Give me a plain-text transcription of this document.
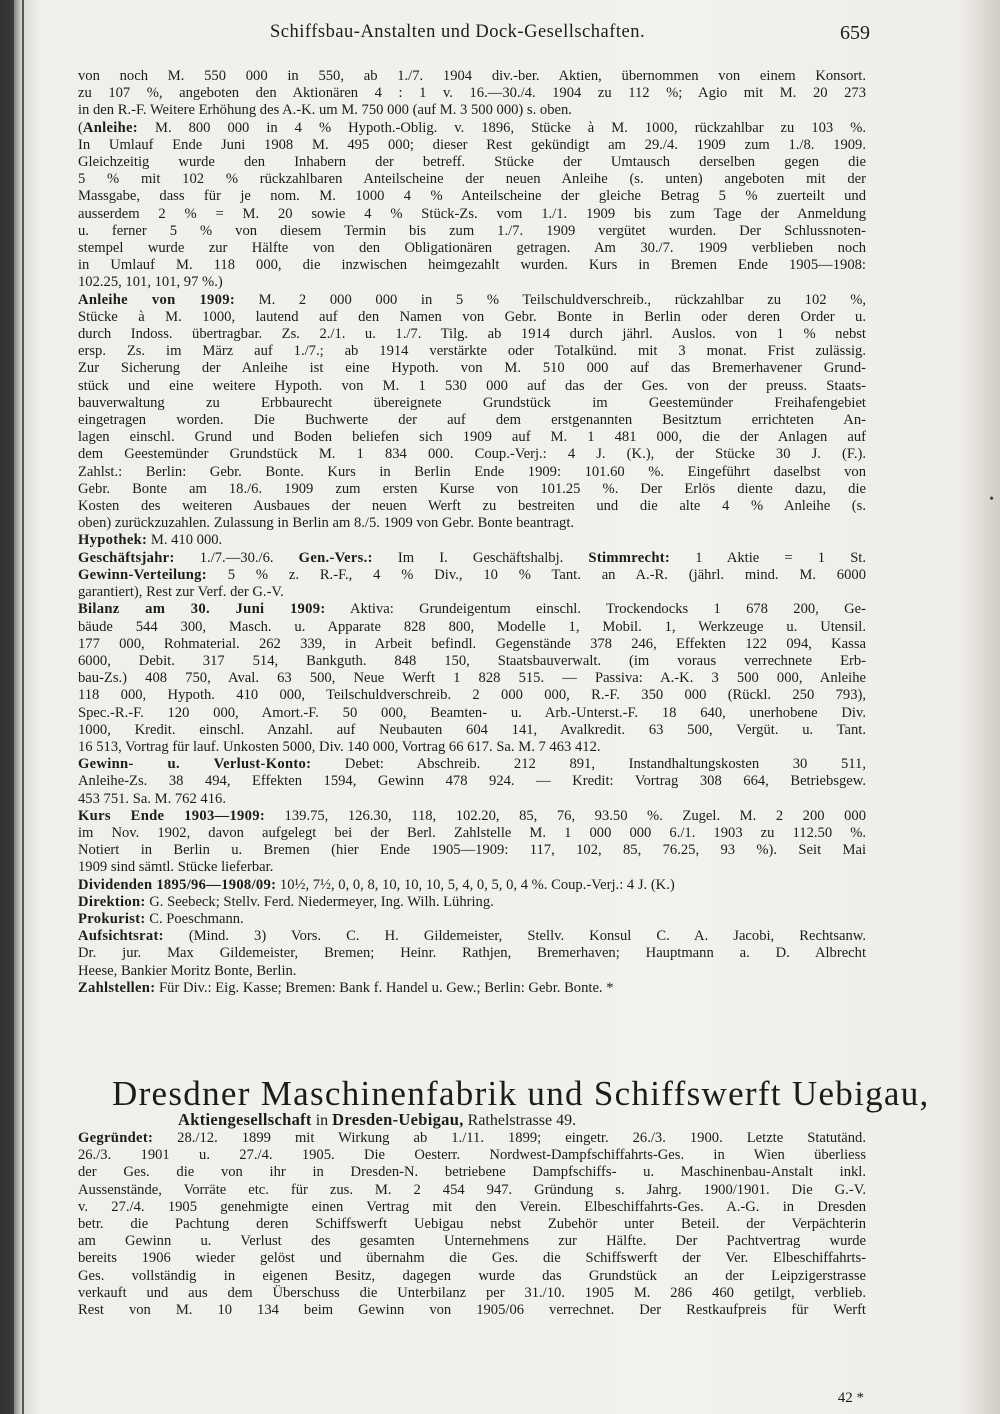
Schiffsbau-Anstalten und Dock-Gesellschaften.	659
von noch M. 550 000 in 550, ab 1./7. 1904 div.-ber. Aktien, übernommen von einem Konsort.
zu 107 %, angeboten den Aktionären 4 : 1 v. 16.—30./4. 1904 zu 112 %; Agio mit M. 20 273
in den R.-F. Weitere Erhöhung des A.-K. um M. 750 000 (auf M. 3 500 000) s. oben.
(Anleihe: M. 800 000 in 4 % Hypoth.-Oblig. v. 1896, Stücke à M. 1000, rückzahlbar zu 103 %.
In Umlauf Ende Juni 1908 M. 495 000; dieser Rest gekündigt am 29./4. 1909 zum 1./8. 1909.
Gleichzeitig wurde den Inhabern der betreff. Stücke der Umtausch derselben gegen die
5 % mit 102 % rückzahlbaren Anteilscheine der neuen Anleihe (s. unten) angeboten mit der
Massgabe, dass für je nom. M. 1000 4 % Anteilscheine der gleiche Betrag 5 % zuerteilt und
ausserdem 2 % = M. 20 sowie 4 % Stück-Zs. vom 1./1. 1909 bis zum Tage der Anmeldung
u. ferner 5 % von diesem Termin bis zum 1./7. 1909 vergütet wurden. Der Schlussnoten-
stempel wurde zur Hälfte von den Obligationären getragen. Am 30./7. 1909 verblieben noch
in Umlauf M. 118 000, die inzwischen heimgezahlt wurden. Kurs in Bremen Ende 1905—1908:
102.25, 101, 101, 97 %.)
Anleihe von 1909: M. 2 000 000 in 5 % Teilschuldverschreib., rückzahlbar zu 102 %,
Stücke à M. 1000, lautend auf den Namen von Gebr. Bonte in Berlin oder deren Order u.
durch Indoss. übertragbar. Zs. 2./1. u. 1./7. Tilg. ab 1914 durch jährl. Auslos. von 1 % nebst
ersp. Zs. im März auf 1./7.; ab 1914 verstärkte oder Totalkünd. mit 3 monat. Frist zulässig.
Zur Sicherung der Anleihe ist eine Hypoth. von M. 510 000 auf das Bremerhavener Grund-
stück und eine weitere Hypoth. von M. 1 530 000 auf das der Ges. von der preuss. Staats-
bauverwaltung zu Erbbaurecht übereignete Grundstück im Geestemünder Freihafengebiet
eingetragen worden. Die Buchwerte der auf dem erstgenannten Besitztum errichteten An-
lagen einschl. Grund und Boden beliefen sich 1909 auf M. 1 481 000, die der Anlagen auf
dem Geestemünder Grundstück M. 1 834 000. Coup.-Verj.: 4 J. (K.), der Stücke 30 J. (F.).
Zahlst.: Berlin: Gebr. Bonte. Kurs in Berlin Ende 1909: 101.60 %. Eingeführt daselbst von
Gebr. Bonte am 18./6. 1909 zum ersten Kurse von 101.25 %. Der Erlös diente dazu, die
Kosten des weiteren Ausbaues der neuen Werft zu bestreiten und die alte 4 % Anleihe (s.
oben) zurückzuzahlen. Zulassung in Berlin am 8./5. 1909 von Gebr. Bonte beantragt.
Hypothek: M. 410 000.
Geschäftsjahr: 1./7.—30./6. Gen.-Vers.: Im I. Geschäftshalbj. Stimmrecht: 1 Aktie = 1 St.
Gewinn-Verteilung: 5 % z. R.-F., 4 % Div., 10 % Tant. an A.-R. (jährl. mind. M. 6000
garantiert), Rest zur Verf. der G.-V.
Bilanz am 30. Juni 1909: Aktiva: Grundeigentum einschl. Trockendocks 1 678 200, Ge-
bäude 544 300, Masch. u. Apparate 828 800, Modelle 1, Mobil. 1, Werkzeuge u. Utensil.
177 000, Rohmaterial. 262 339, in Arbeit befindl. Gegenstände 378 246, Effekten 122 094, Kassa
6000, Debit. 317 514, Bankguth. 848 150, Staatsbauverwalt. (im voraus verrechnete Erb-
bau-Zs.) 408 750, Aval. 63 500, Neue Werft 1 828 515. — Passiva: A.-K. 3 500 000, Anleihe
118 000, Hypoth. 410 000, Teilschuldverschreib. 2 000 000, R.-F. 350 000 (Rückl. 250 793),
Spec.-R.-F. 120 000, Amort.-F. 50 000, Beamten- u. Arb.-Unterst.-F. 18 640, unerhobene Div.
1000, Kredit. einschl. Anzahl. auf Neubauten 604 141, Avalkredit. 63 500, Vergüt. u. Tant.
16 513, Vortrag für lauf. Unkosten 5000, Div. 140 000, Vortrag 66 617. Sa. M. 7 463 412.
Gewinn- u. Verlust-Konto: Debet: Abschreib. 212 891, Instandhaltungskosten 30 511,
Anleihe-Zs. 38 494, Effekten 1594, Gewinn 478 924. — Kredit: Vortrag 308 664, Betriebsgew.
453 751. Sa. M. 762 416.
Kurs Ende 1903—1909: 139.75, 126.30, 118, 102.20, 85, 76, 93.50 %. Zugel. M. 2 200 000
im Nov. 1902, davon aufgelegt bei der Berl. Zahlstelle M. 1 000 000 6./1. 1903 zu 112.50 %.
Notiert in Berlin u. Bremen (hier Ende 1905—1909: 117, 102, 85, 76.25, 93 %). Seit Mai
1909 sind sämtl. Stücke lieferbar.
Dividenden 1895/96—1908/09: 10½, 7½, 0, 0, 8, 10, 10, 10, 5, 4, 0, 5, 0, 4 %. Coup.-Verj.: 4 J. (K.)
Direktion: G. Seebeck; Stellv. Ferd. Niedermeyer, Ing. Wilh. Lühring.
Prokurist: C. Poeschmann.
Aufsichtsrat: (Mind. 3) Vors. C. H. Gildemeister, Stellv. Konsul C. A. Jacobi, Rechtsanw.
Dr. jur. Max Gildemeister, Bremen; Heinr. Rathjen, Bremerhaven; Hauptmann a. D. Albrecht
Heese, Bankier Moritz Bonte, Berlin.
Zahlstellen: Für Div.: Eig. Kasse; Bremen: Bank f. Handel u. Gew.; Berlin: Gebr. Bonte. *
Dresdner Maschinenfabrik und Schiffswerft Uebigau,
Aktiengesellschaft in Dresden-Uebigau, Rathelstrasse 49.
Gegründet: 28./12. 1899 mit Wirkung ab 1./11. 1899; eingetr. 26./3. 1900. Letzte Statutänd.
26./3. 1901 u. 27./4. 1905. Die Oesterr. Nordwest-Dampfschiffahrts-Ges. in Wien überliess
der Ges. die von ihr in Dresden-N. betriebene Dampfschiffs- u. Maschinenbau-Anstalt inkl.
Aussenstände, Vorräte etc. für zus. M. 2 454 947. Gründung s. Jahrg. 1900/1901. Die G.-V.
v. 27./4. 1905 genehmigte einen Vertrag mit den Verein. Elbeschiffahrts-Ges. A.-G. in Dresden
betr. die Pachtung deren Schiffswerft Uebigau nebst Zubehör unter Beteil. der Verpächterin
am Gewinn u. Verlust des gesamten Unternehmens zur Hälfte. Der Pachtvertrag wurde
bereits 1906 wieder gelöst und übernahm die Ges. die Schiffswerft der Ver. Elbeschiffahrts-
Ges. vollständig in eigenen Besitz, dagegen wurde das Grundstück an der Leipzigerstrasse
verkauft und aus dem Überschuss die Unterbilanz per 31./10. 1905 M. 286 460 getilgt, verblieb.
Rest von M. 10 134 beim Gewinn von 1905/06 verrechnet. Der Restkaufpreis für Werft
42 *
•
